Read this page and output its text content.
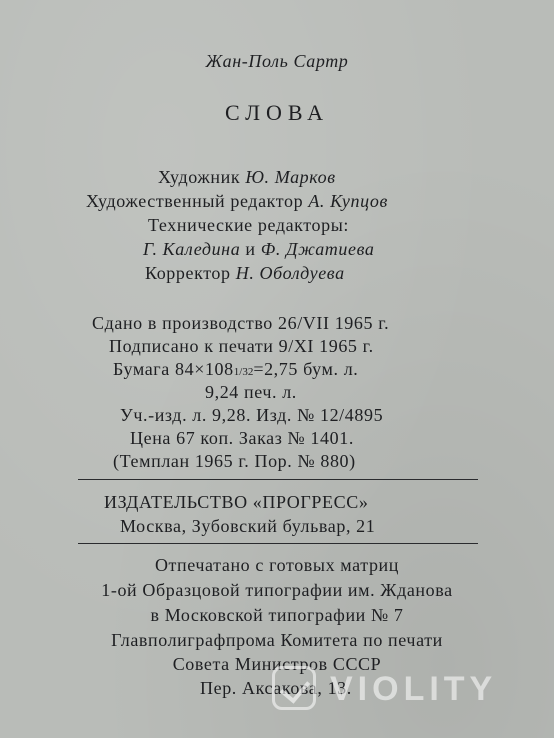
Жан-Поль Сартр
СЛОВА
Художник Ю. Марков
Художественный редактор А. Купцов
Технические редакторы:
Г. Каледина и Ф. Джатиева
Корректор Н. Оболдуева
Сдано в производство 26/VII 1965 г.
Подписано к печати 9/XI 1965 г.
Бумага 84×1081/32=2,75 бум. л.
9,24 печ. л.
Уч.-изд. л. 9,28. Изд. № 12/4895
Цена 67 коп. Заказ № 1401.
(Темплан 1965 г. Пор. № 880)
ИЗДАТЕЛЬСТВО «ПРОГРЕСС»
Москва, Зубовский бульвар, 21
Отпечатано с готовых матриц
1-ой Образцовой типографии им. Жданова
в Московской типографии № 7
Главполиграфпрома Комитета по печати
Совета Министров СССР
Пер. Аксакова, 13.
VIOLITY
